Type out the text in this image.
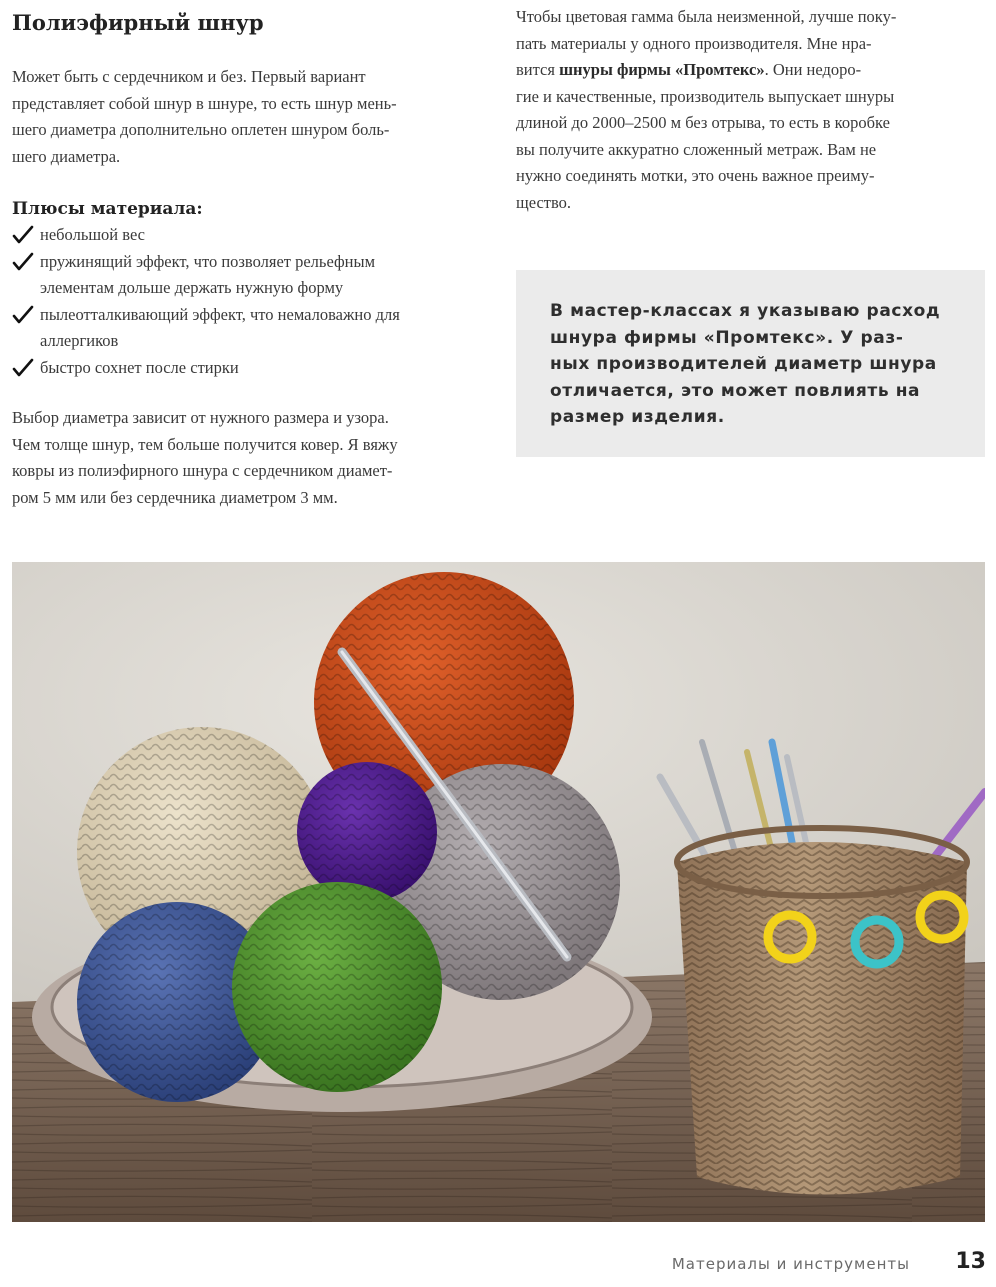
Полиэфирный шнур

Может быть с сердечником и без. Первый вариант

представляет собой шнур в шнуре, то есть шнур мень-

шего диаметра дополнительно оплетен шнуром боль-

шего диаметра.

Плюсы материала:
небольшой вес
пружинящий эффект, что позволяет рельефным
элементам дольше держать нужную форму
пылеотталкивающий эффект, что немаловажно для
аллергиков
быстро сохнет после стирки

Выбор диаметра зависит от нужного размера и узора.

Чем толще шнур, тем больше получится ковер. Я вяжу

ковры из полиэфирного шнура с сердечником диамет-

ром 5 мм или без сердечника диаметром 3 мм.

Чтобы цветовая гамма была неизменной, лучше поку-

пать материалы у одного производителя. Мне нра-

вится шнуры фирмы «Промтекс». Они недоро-

гие и качественные, производитель выпускает шнуры

длиной до 2000–2500 м без отрыва, то есть в коробке

вы получите аккуратно сложенный метраж. Вам не

нужно соединять мотки, это очень важное преиму-

щество.

В мастер-классах я указываю расход
шнура фирмы «Промтекс». У раз-
ных производителей диаметр шнура
отличается, это может повлиять на
размер изделия.
Материалы и инструменты 13
